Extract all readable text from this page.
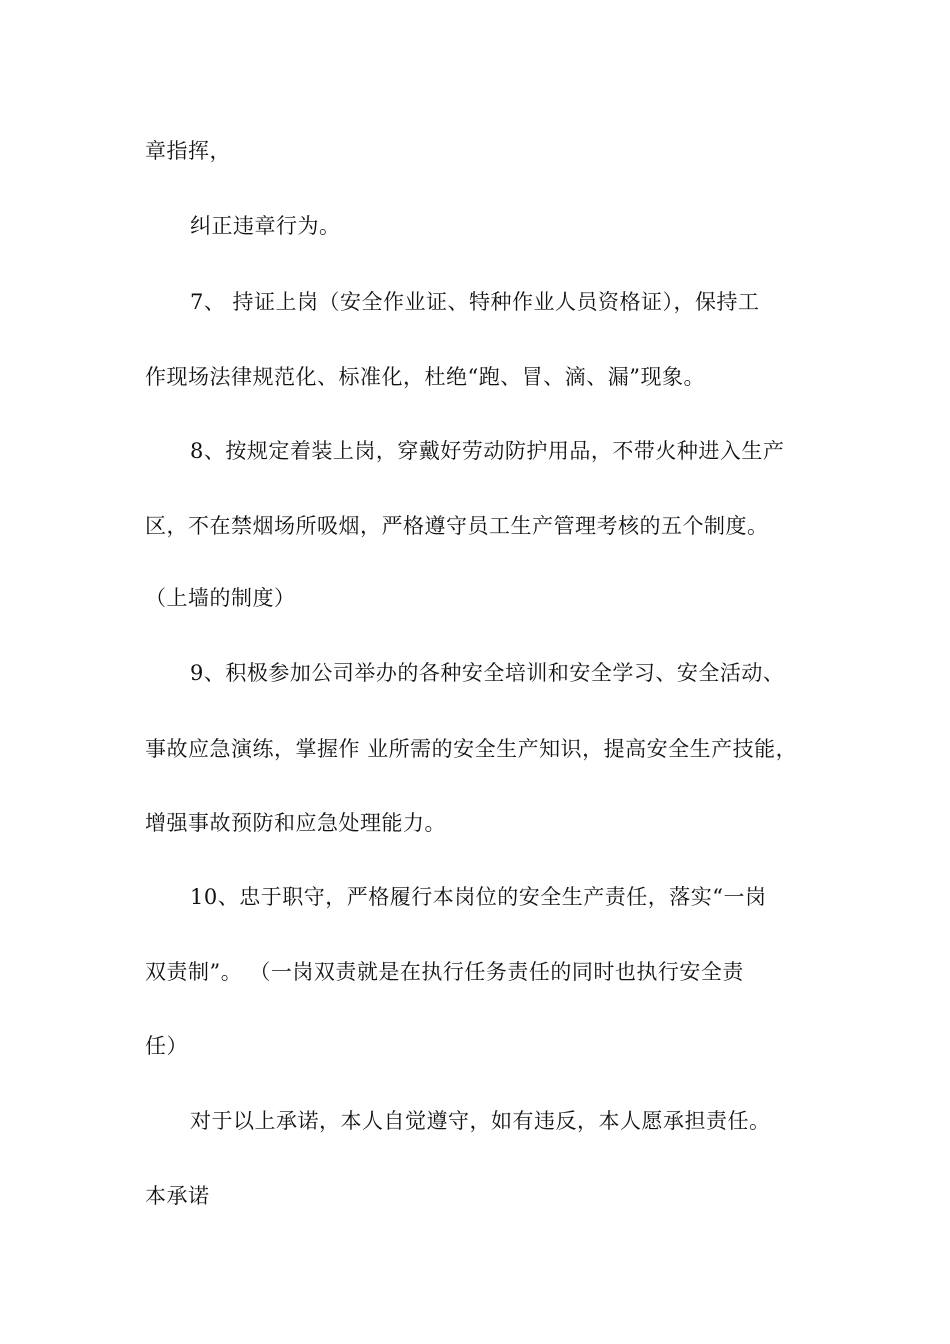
章指挥，
纠正违章行为。
7、 持证上岗（安全作业证、特种作业人员资格证），保持工
作现场法律规范化、标准化，杜绝“跑、冒、滴、漏”现象。
8、按规定着装上岗，穿戴好劳动防护用品，不带火种进入生产
区，不在禁烟场所吸烟，严格遵守员工生产管理考核的五个制度。
（上墙的制度）
9、积极参加公司举办的各种安全培训和安全学习、安全活动、
事故应急演练，掌握作 业所需的安全生产知识，提高安全生产技能，
增强事故预防和应急处理能力。
10、忠于职守，严格履行本岗位的安全生产责任，落实“一岗
双责制”。 （一岗双责就是在执行任务责任的同时也执行安全责
任）
对于以上承诺，本人自觉遵守，如有违反，本人愿承担责任。
本承诺
